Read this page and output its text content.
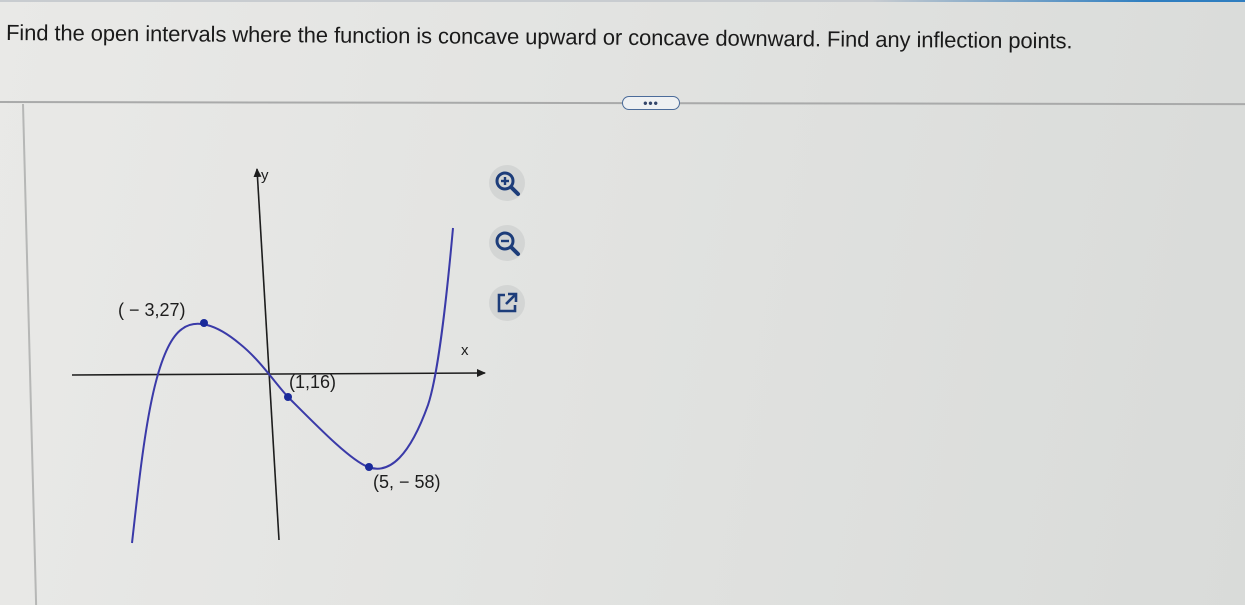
Find the open intervals where the function is concave upward or concave downward. Find any inflection points.
•••
x
y
( − 3,27)
(1,16)
(5, − 58)
